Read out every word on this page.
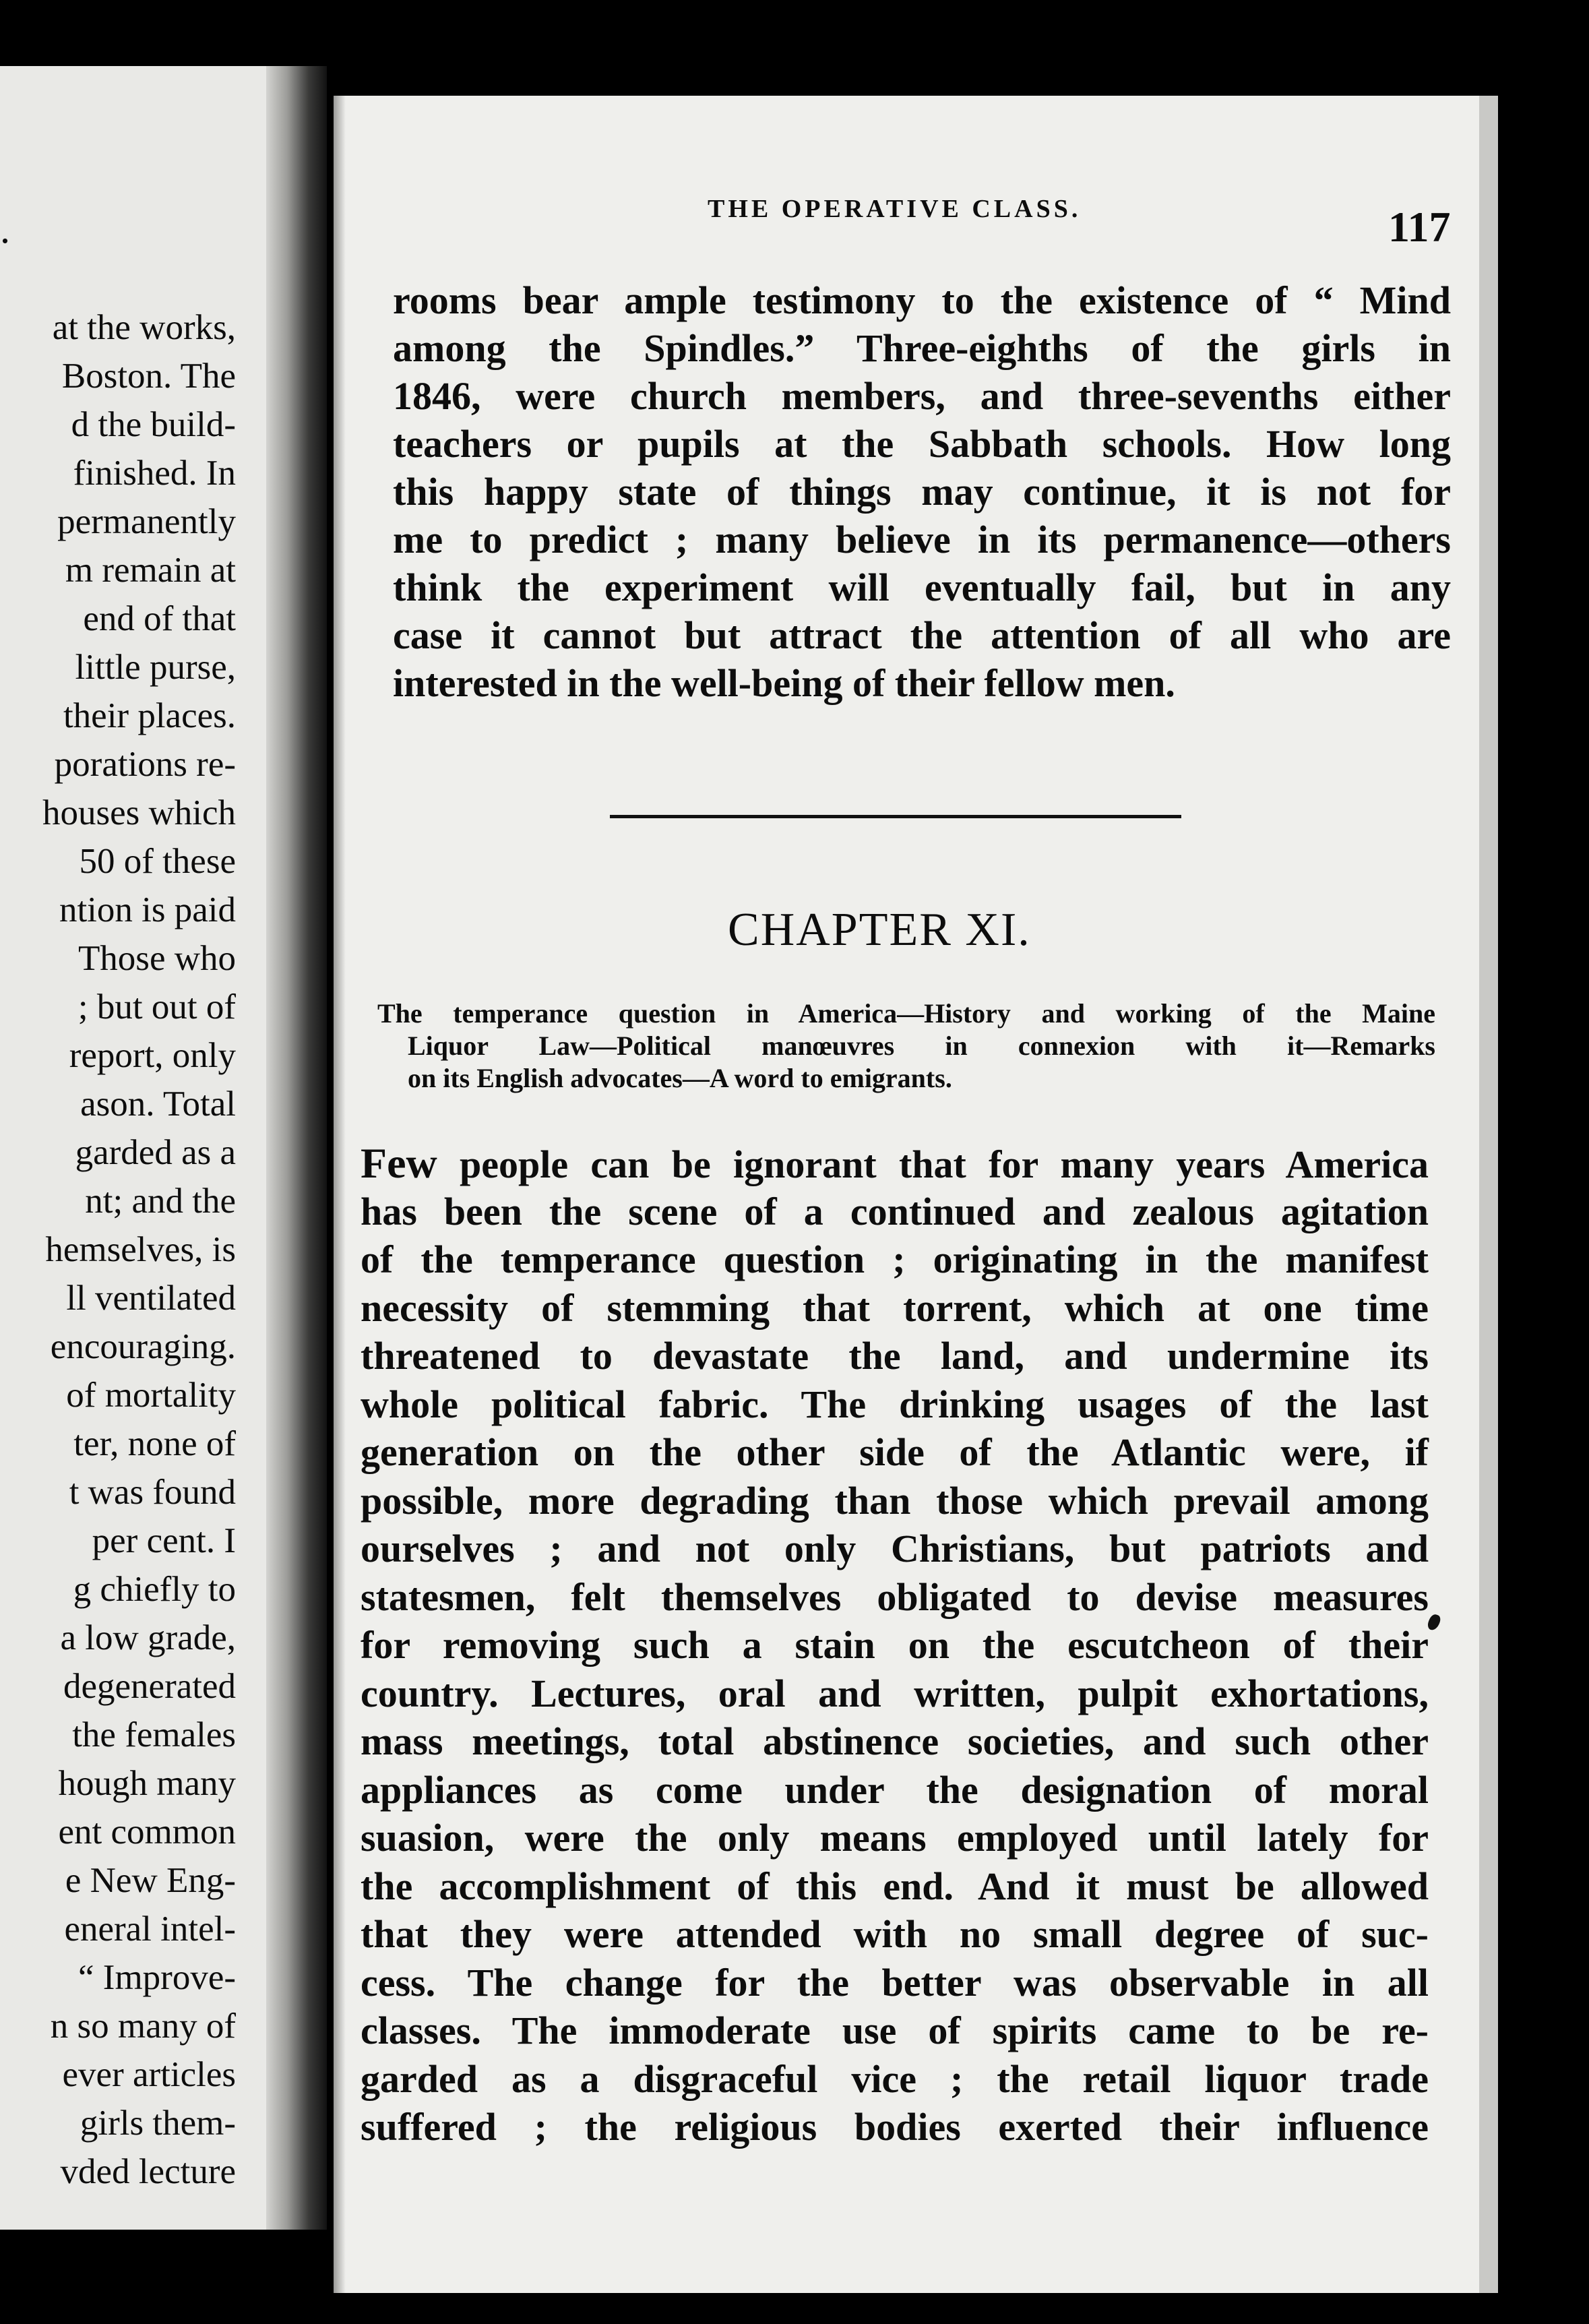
.
at the works,
Boston. The
d the build-
finished. In
permanently
m remain at
end of that
little purse,
their places.
porations re-
houses which
50 of these
ntion is paid
Those who
; but out of
report, only
ason. Total
garded as a
nt; and the
hemselves, is
ll ventilated
encouraging.
of mortality
ter, none of
t was found
per cent. I
g chiefly to
a low grade,
degenerated
the females
hough many
ent common
e New Eng-
eneral intel-
“ Improve-
n so many of
ever articles
girls them-
vded lecture
THE OPERATIVE CLASS.	117
rooms bear ample testimony to the existence of “ Mind
among the Spindles.” Three-eighths of the girls in
1846, were church members, and three-sevenths either
teachers or pupils at the Sabbath schools. How long
this happy state of things may continue, it is not for
me to predict ; many believe in its permanence—others
think the experiment will eventually fail, but in any
case it cannot but attract the attention of all who are
interested in the well-being of their fellow men.
CHAPTER XI.
The temperance question in America—History and working of the Maine
Liquor Law—Political manœuvres in connexion with it—Remarks
on its English advocates—A word to emigrants.
Few people can be ignorant that for many years America
has been the scene of a continued and zealous agitation
of the temperance question ; originating in the manifest
necessity of stemming that torrent, which at one time
threatened to devastate the land, and undermine its
whole political fabric. The drinking usages of the last
generation on the other side of the Atlantic were, if
possible, more degrading than those which prevail among
ourselves ; and not only Christians, but patriots and
statesmen, felt themselves obligated to devise measures
for removing such a stain on the escutcheon of their
country. Lectures, oral and written, pulpit exhortations,
mass meetings, total abstinence societies, and such other
appliances as come under the designation of moral
suasion, were the only means employed until lately for
the accomplishment of this end. And it must be allowed
that they were attended with no small degree of suc-
cess. The change for the better was observable in all
classes. The immoderate use of spirits came to be re-
garded as a disgraceful vice ; the retail liquor trade
suffered ; the religious bodies exerted their influence
